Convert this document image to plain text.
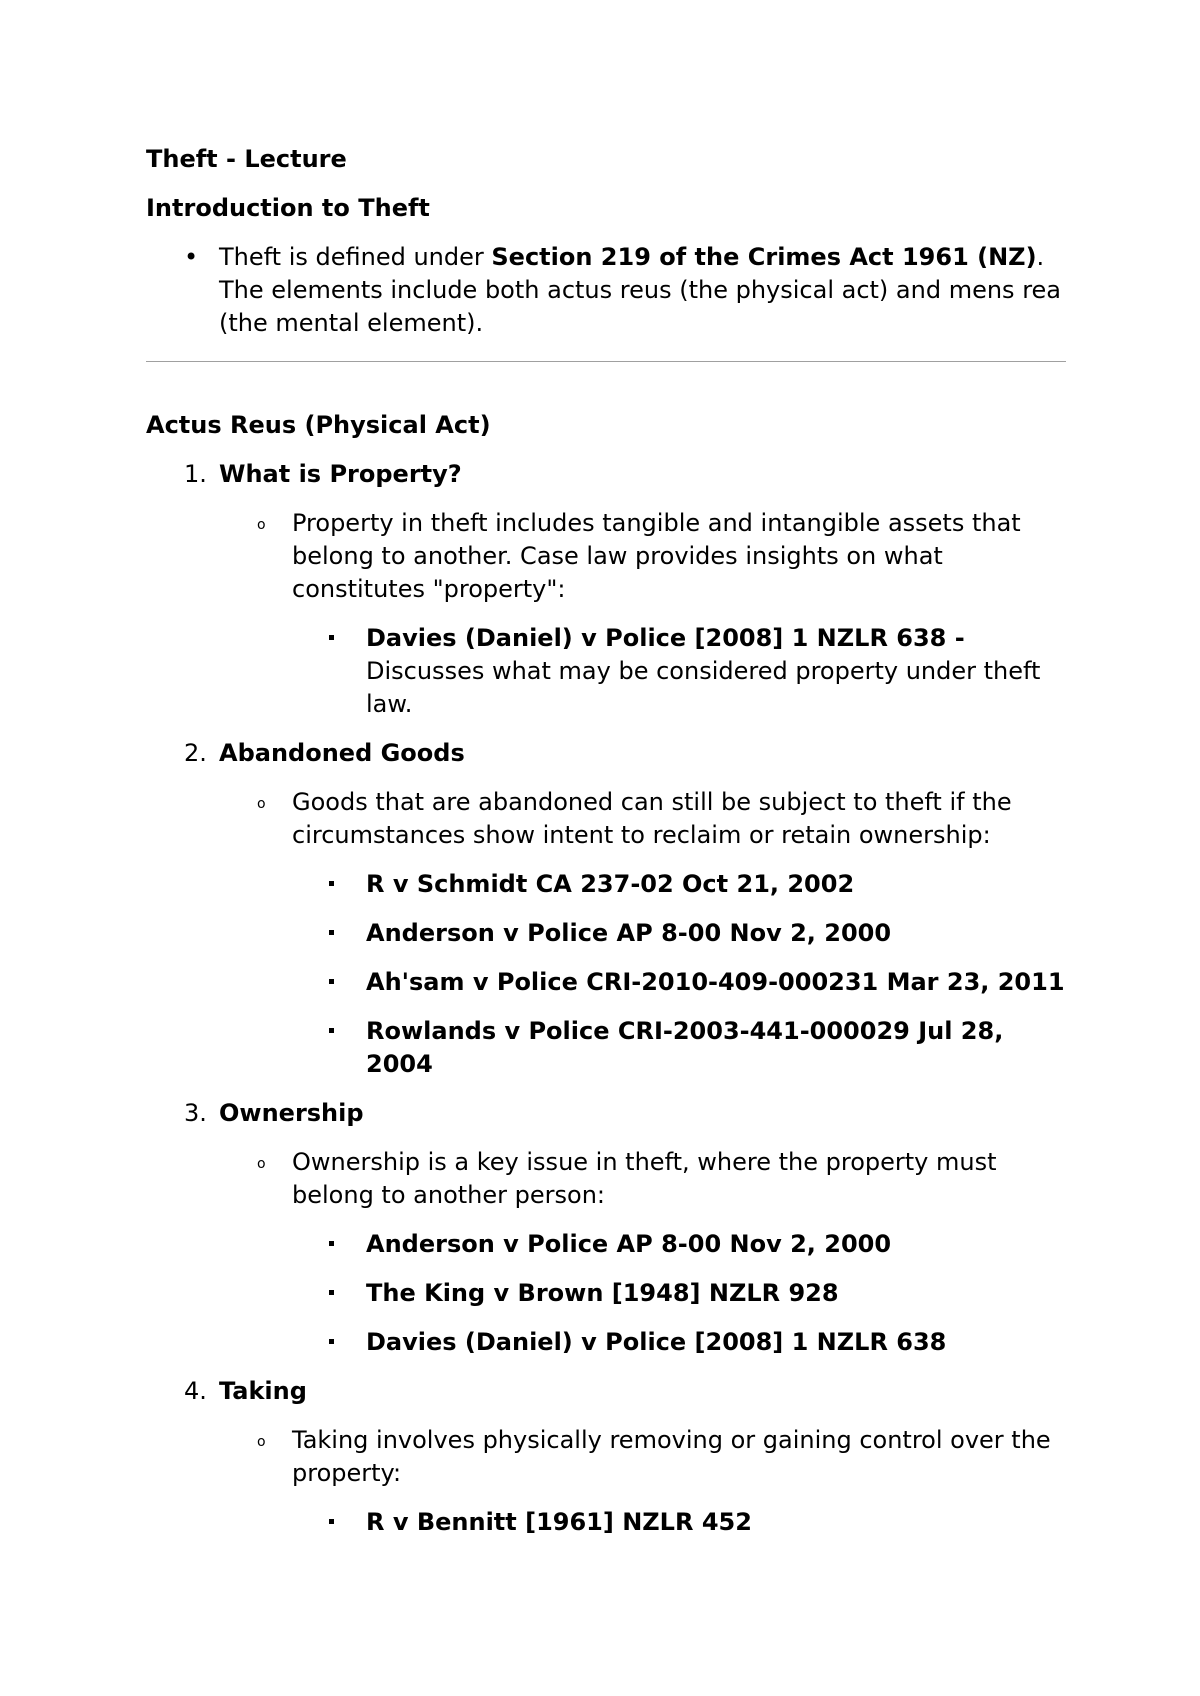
Theft - Lecture
Introduction to Theft
• Theft is defined under Section 219 of the Crimes Act 1961 (NZ). The elements include both actus reus (the physical act) and mens rea (the mental element).
Actus Reus (Physical Act)
1. What is Property?
o Property in theft includes tangible and intangible assets that belong to another. Case law provides insights on what constitutes "property":
Davies (Daniel) v Police [2008] 1 NZLR 638 - Discusses what may be considered property under theft law.
2. Abandoned Goods
o Goods that are abandoned can still be subject to theft if the circumstances show intent to reclaim or retain ownership:
R v Schmidt CA 237-02 Oct 21, 2002
Anderson v Police AP 8-00 Nov 2, 2000
Ah'sam v Police CRI-2010-409-000231 Mar 23, 2011
Rowlands v Police CRI-2003-441-000029 Jul 28, 2004
3. Ownership
o Ownership is a key issue in theft, where the property must belong to another person:
Anderson v Police AP 8-00 Nov 2, 2000
The King v Brown [1948] NZLR 928
Davies (Daniel) v Police [2008] 1 NZLR 638
4. Taking
o Taking involves physically removing or gaining control over the property:
R v Bennitt [1961] NZLR 452
